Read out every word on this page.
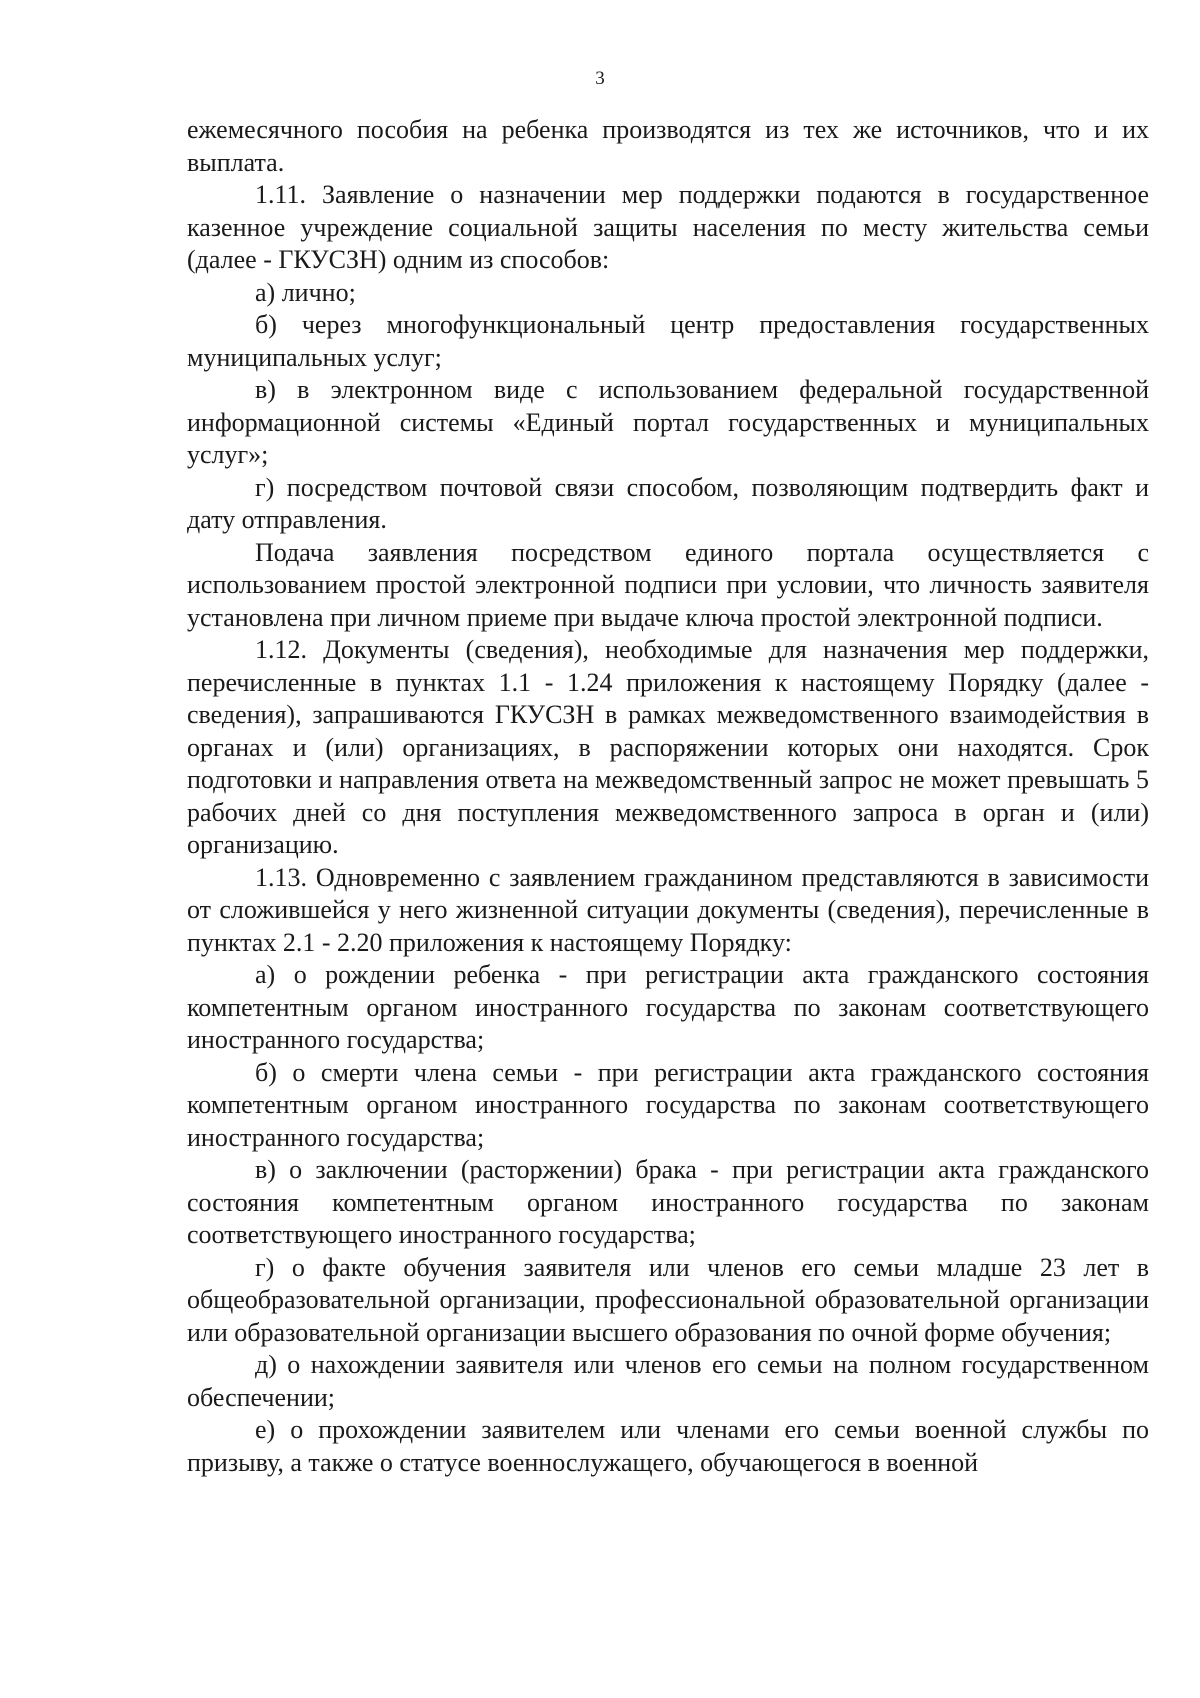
3

ежемесячного пособия на ребенка производятся из тех же источников, что и их выплата.

1.11. Заявление о назначении мер поддержки подаются в государственное казенное учреждение социальной защиты населения по месту жительства семьи (далее - ГКУСЗН) одним из способов:

а) лично;

б) через многофункциональный центр предоставления государственных муниципальных услуг;

в) в электронном виде с использованием федеральной государственной информационной системы «Единый портал государственных и муниципальных услуг»;

г) посредством почтовой связи способом, позволяющим подтвердить факт и дату отправления.

Подача заявления посредством единого портала осуществляется с использованием простой электронной подписи при условии, что личность заявителя установлена при личном приеме при выдаче ключа простой электронной подписи.

1.12. Документы (сведения), необходимые для назначения мер поддержки, перечисленные в пунктах 1.1 - 1.24 приложения к настоящему Порядку (далее - сведения), запрашиваются ГКУСЗН в рамках межведомственного взаимодействия в органах и (или) организациях, в распоряжении которых они находятся. Срок подготовки и направления ответа на межведомственный запрос не может превышать 5 рабочих дней со дня поступления межведомственного запроса в орган и (или) организацию.

1.13. Одновременно с заявлением гражданином представляются в зависимости от сложившейся у него жизненной ситуации документы (сведения), перечисленные в пунктах 2.1 - 2.20 приложения к настоящему Порядку:

а) о рождении ребенка - при регистрации акта гражданского состояния компетентным органом иностранного государства по законам соответствующего иностранного государства;

б) о смерти члена семьи - при регистрации акта гражданского состояния компетентным органом иностранного государства по законам соответствующего иностранного государства;

в) о заключении (расторжении) брака - при регистрации акта гражданского состояния компетентным органом иностранного государства по законам соответствующего иностранного государства;

г) о факте обучения заявителя или членов его семьи младше 23 лет в общеобразовательной организации, профессиональной образовательной организации или образовательной организации высшего образования по очной форме обучения;

д) о нахождении заявителя или членов его семьи на полном государственном обеспечении;

е) о прохождении заявителем или членами его семьи военной службы по призыву, а также о статусе военнослужащего, обучающегося в военной
